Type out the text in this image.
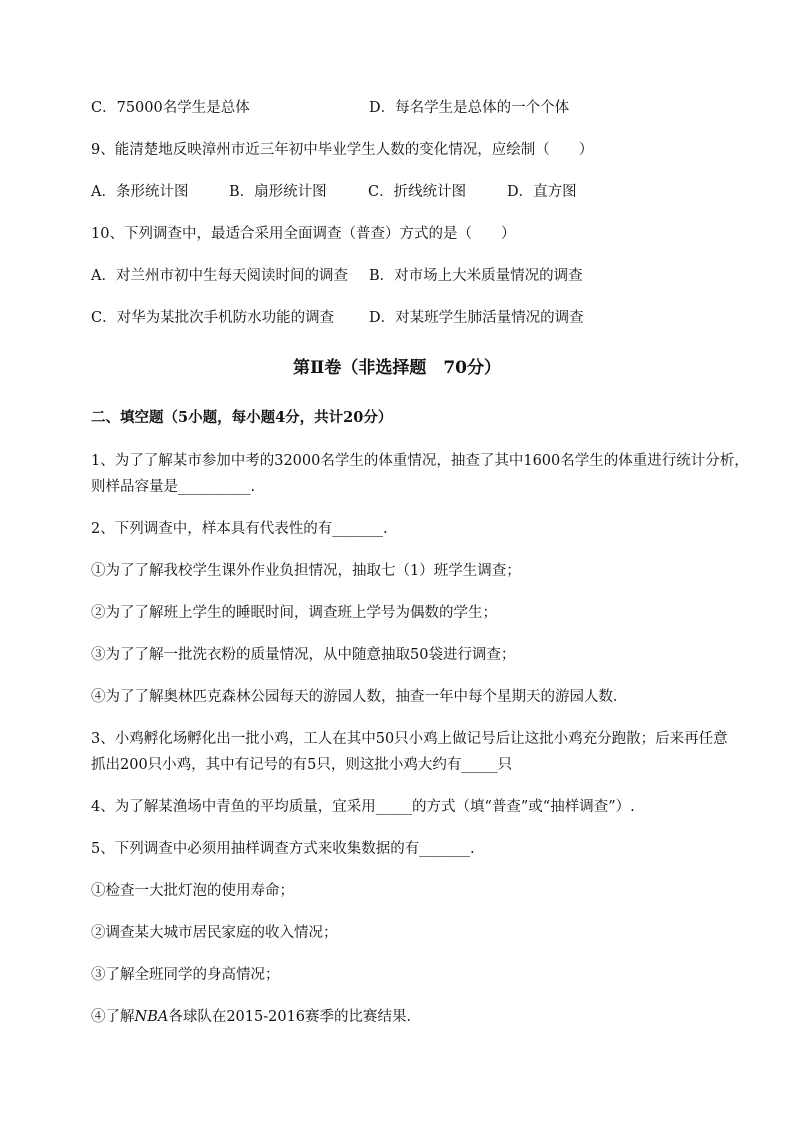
C．75000名学生是总体	D．每名学生是总体的一个个体
9、能清楚地反映漳州市近三年初中毕业学生人数的变化情况，应绘制（　　）
A．条形统计图	B．扇形统计图	C．折线统计图	D．直方图
10、下列调查中，最适合采用全面调查（普查）方式的是（　　）
A．对兰州市初中生每天阅读时间的调查 B．对市场上大米质量情况的调查
C．对华为某批次手机防水功能的调查 D．对某班学生肺活量情况的调查
第Ⅱ卷（非选择题　70分）
二、填空题（5小题，每小题4分，共计20分）
1、为了了解某市参加中考的32000名学生的体重情况，抽查了其中1600名学生的体重进行统计分析，
则样品容量是__________.
2、下列调查中，样本具有代表性的有_______.
①为了了解我校学生课外作业负担情况，抽取七（1）班学生调查；
②为了了解班上学生的睡眠时间，调查班上学号为偶数的学生；
③为了了解一批洗衣粉的质量情况，从中随意抽取50袋进行调查；
④为了了解奥林匹克森林公园每天的游园人数，抽查一年中每个星期天的游园人数．
3、小鸡孵化场孵化出一批小鸡，工人在其中50只小鸡上做记号后让这批小鸡充分跑散；后来再任意
抓出200只小鸡，其中有记号的有5只，则这批小鸡大约有_____只
4、为了解某渔场中青鱼的平均质量，宜采用_____的方式（填“普查”或“抽样调查”）.
5、下列调查中必须用抽样调查方式来收集数据的有_______.
①检查一大批灯泡的使用寿命；
②调查某大城市居民家庭的收入情况；
③了解全班同学的身高情况；
④了解NBA各球队在2015-2016赛季的比赛结果．
